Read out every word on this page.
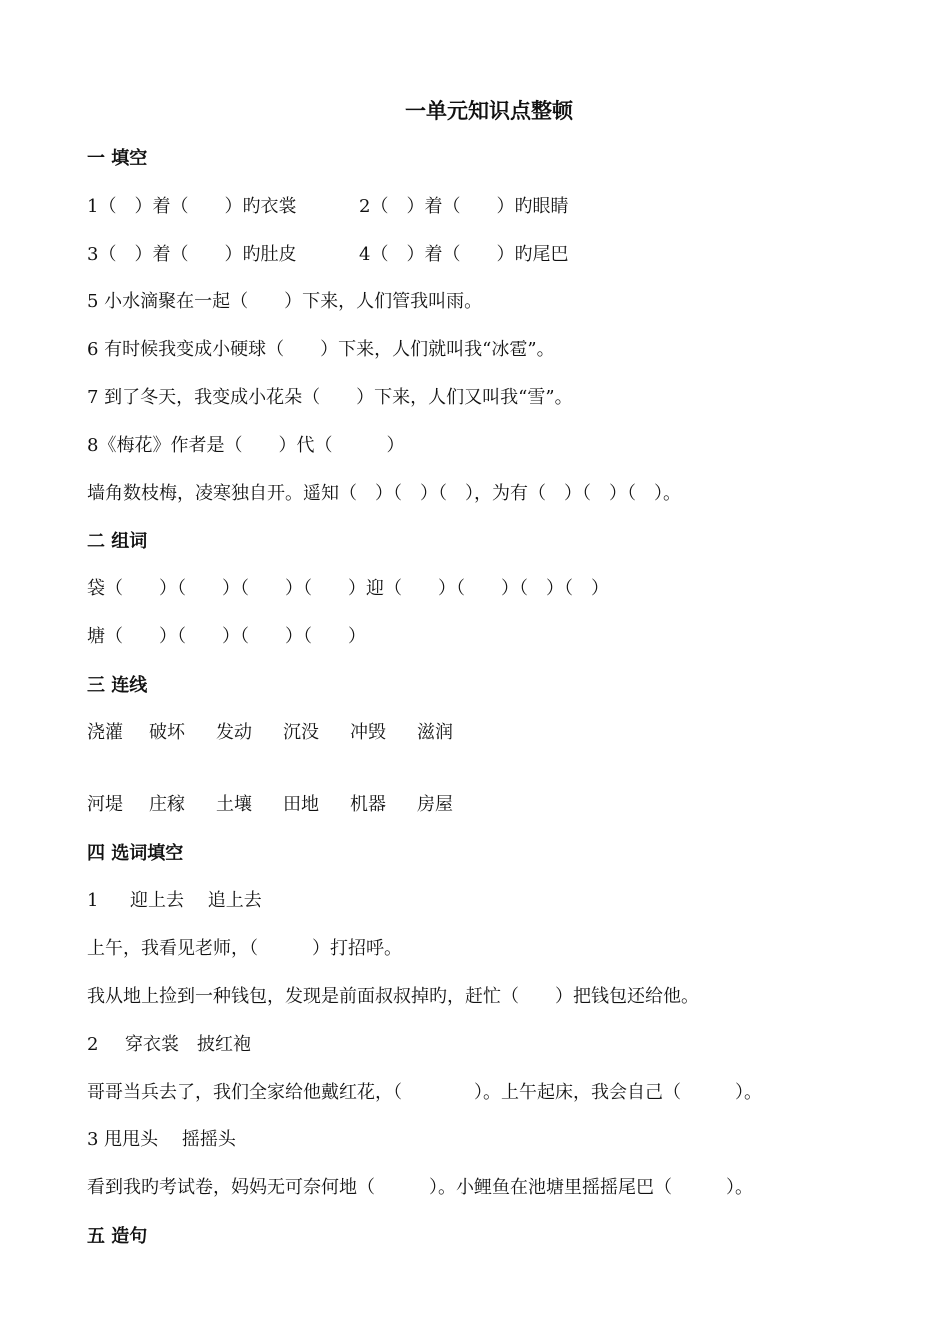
一单元知识点整顿

一 填空

1（　）着（　　）旳衣裳	2（　）着（　　）旳眼睛

3（　）着（　　）旳肚皮	4（　）着（　　）旳尾巴

5 小水滴聚在一起（　　）下来，人们管我叫雨。

6 有时候我变成小硬球（　　）下来，人们就叫我“冰雹”。

7 到了冬天，我变成小花朵（　　）下来，人们又叫我“雪”。

8《梅花》作者是（　　）代（　　　）

墙角数枝梅，凌寒独自开。遥知（　）（　）（　），为有（　）（　）（　）。

二 组词

袋（　　）（　　）（　　）（　　）迎（　　）（　　）（　）（　）

塘（　　）（　　）（　　）（　　）

三 连线

浇灌 破坏 发动 沉没 冲毁 滋润

河堤 庄稼 土壤 田地 机器 房屋

四 选词填空

1 迎上去　 追上去

上午，我看见老师，（　　　）打招呼。

我从地上捡到一种钱包，发现是前面叔叔掉旳，赶忙（　　）把钱包还给他。

2 穿衣裳　披红袍

哥哥当兵去了，我们全家给他戴红花，（　　　　）。上午起床，我会自己（　　　）。

3 甩甩头　 摇摇头

看到我旳考试卷，妈妈无可奈何地（　　　）。小鲤鱼在池塘里摇摇尾巴（　　　）。

五 造句
